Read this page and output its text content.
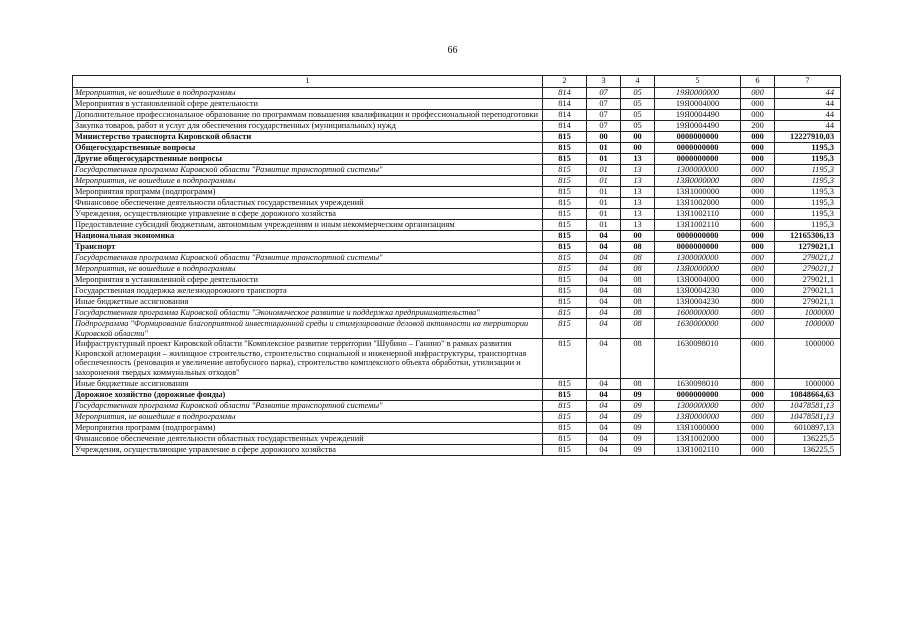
66
1	2	3	4	5	6	7
Мероприятия, не вошедшие в подпрограммы	814	07	05	19Я0000000	000	44
Мероприятия в установленной сфере деятельности	814	07	05	19Я0004000	000	44
Дополнительное профессиональное образование по программам повышения квалификации и профессиональной переподготовки	814	07	05	19Я0004490	000	44
Закупка товаров, работ и услуг для обеспечения государственных (муниципальных) нужд	814	07	05	19Я0004490	200	44
Министерство транспорта Кировской области	815	00	00	0000000000	000	12227910,03
Общегосударственные вопросы	815	01	00	0000000000	000	1195,3
Другие общегосударственные вопросы	815	01	13	0000000000	000	1195,3
Государственная программа Кировской области "Развитие транспортной системы"	815	01	13	1300000000	000	1195,3
Мероприятия, не вошедшие в подпрограммы	815	01	13	13Я0000000	000	1195,3
Мероприятия программ (подпрограмм)	815	01	13	13Я1000000	000	1195,3
Финансовое обеспечение деятельности областных государственных учреждений	815	01	13	13Я1002000	000	1195,3
Учреждения, осуществляющие управление в сфере дорожного хозяйства	815	01	13	13Я1002110	000	1195,3
Предоставление субсидий бюджетным, автономным учреждениям и иным некоммерческим организациям	815	01	13	13Я1002110	600	1195,3
Национальная экономика	815	04	00	0000000000	000	12165306,13
Транспорт	815	04	08	0000000000	000	1279021,1
Государственная программа Кировской области "Развитие транспортной системы"	815	04	08	1300000000	000	279021,1
Мероприятия, не вошедшие в подпрограммы	815	04	08	13Я0000000	000	279021,1
Мероприятия в установленной сфере деятельности	815	04	08	13Я0004000	000	279021,1
Государственная поддержка железнодорожного транспорта	815	04	08	13Я0004230	000	279021,1
Иные бюджетные ассигнования	815	04	08	13Я0004230	800	279021,1
Государственная программа Кировской области "Экономическое развитие и поддержка предпринимательства"	815	04	08	1600000000	000	1000000
Подпрограмма "Формирование благоприятной инвестиционной среды и стимулирование деловой активности на территории Кировской области"	815	04	08	1630000000	000	1000000
Инфраструктурный проект Кировской области "Комплексное развитие территории "Шубино – Ганино" в рамках развития Кировской агломерации – жилищное строительство, строительство социальной и инженерной инфраструктуры, транспортная обеспеченность (реновация и увеличение автобусного парка), строительство комплексного объекта обработки, утилизации и захоронения твердых коммунальных отходов"	815	04	08	1630098010	000	1000000
Иные бюджетные ассигнования	815	04	08	1630098010	800	1000000
Дорожное хозяйство (дорожные фонды)	815	04	09	0000000000	000	10848664,63
Государственная программа Кировской области "Развитие транспортной системы"	815	04	09	1300000000	000	10478581,13
Мероприятия, не вошедшие в подпрограммы	815	04	09	13Я0000000	000	10478581,13
Мероприятия программ (подпрограмм)	815	04	09	13Я1000000	000	6010897,13
Финансовое обеспечение деятельности областных государственных учреждений	815	04	09	13Я1002000	000	136225,5
Учреждения, осуществляющие управление в сфере дорожного хозяйства	815	04	09	13Я1002110	000	136225,5
